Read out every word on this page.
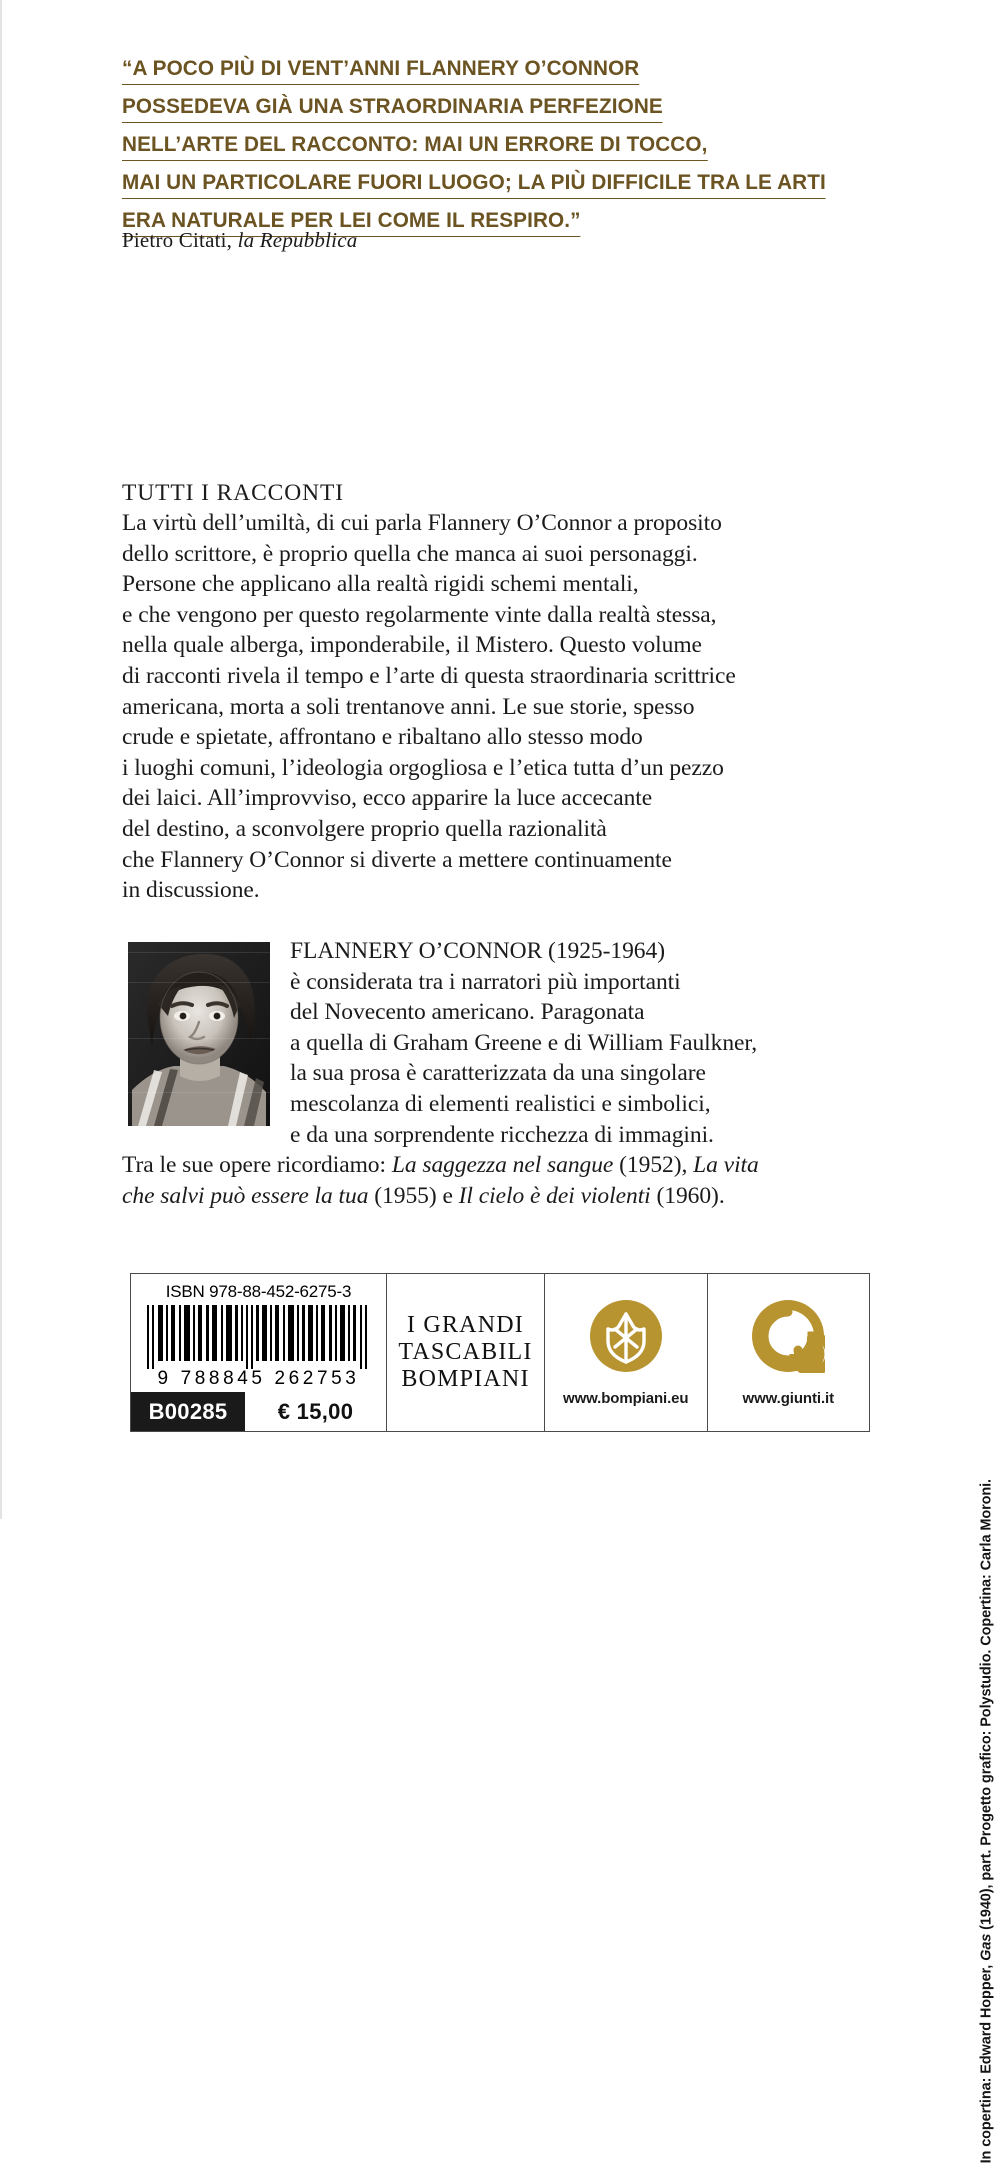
“A POCO PIÙ DI VENT’ANNI FLANNERY O’CONNOR
POSSEDEVA GIÀ UNA STRAORDINARIA PERFEZIONE
NELL’ARTE DEL RACCONTO: MAI UN ERRORE DI TOCCO,
MAI UN PARTICOLARE FUORI LUOGO; LA PIÙ DIFFICILE TRA LE ARTI
ERA NATURALE PER LEI COME IL RESPIRO.”
Pietro Citati, la Repubblica
TUTTI I RACCONTI
La virtù dell’umiltà, di cui parla Flannery O’Connor a proposito
dello scrittore, è proprio quella che manca ai suoi personaggi.
Persone che applicano alla realtà rigidi schemi mentali,
e che vengono per questo regolarmente vinte dalla realtà stessa,
nella quale alberga, imponderabile, il Mistero. Questo volume
di racconti rivela il tempo e l’arte di questa straordinaria scrittrice
americana, morta a soli trentanove anni. Le sue storie, spesso
crude e spietate, affrontano e ribaltano allo stesso modo
i luoghi comuni, l’ideologia orgogliosa e l’etica tutta d’un pezzo
dei laici. All’improvviso, ecco apparire la luce accecante
del destino, a sconvolgere proprio quella razionalità
che Flannery O’Connor si diverte a mettere continuamente
in discussione.
FLANNERY O’CONNOR (1925-1964)
è considerata tra i narratori più importanti
del Novecento americano. Paragonata
a quella di Graham Greene e di William Faulkner,
la sua prosa è caratterizzata da una singolare
mescolanza di elementi realistici e simbolici,
e da una sorprendente ricchezza di immagini.
Tra le sue opere ricordiamo: La saggezza nel sangue (1952), La vita
che salvi può essere la tua (1955) e Il cielo è dei violenti (1960).
ISBN 978-88-452-6275-3
9 788845 262753
B00285	€ 15,00
I GRANDI
TASCABILI
BOMPIANI
www.bompiani.eu	www.giunti.it
In copertina: Edward Hopper, Gas (1940), part. Progetto grafico: Polystudio. Copertina: Carla Moroni.
